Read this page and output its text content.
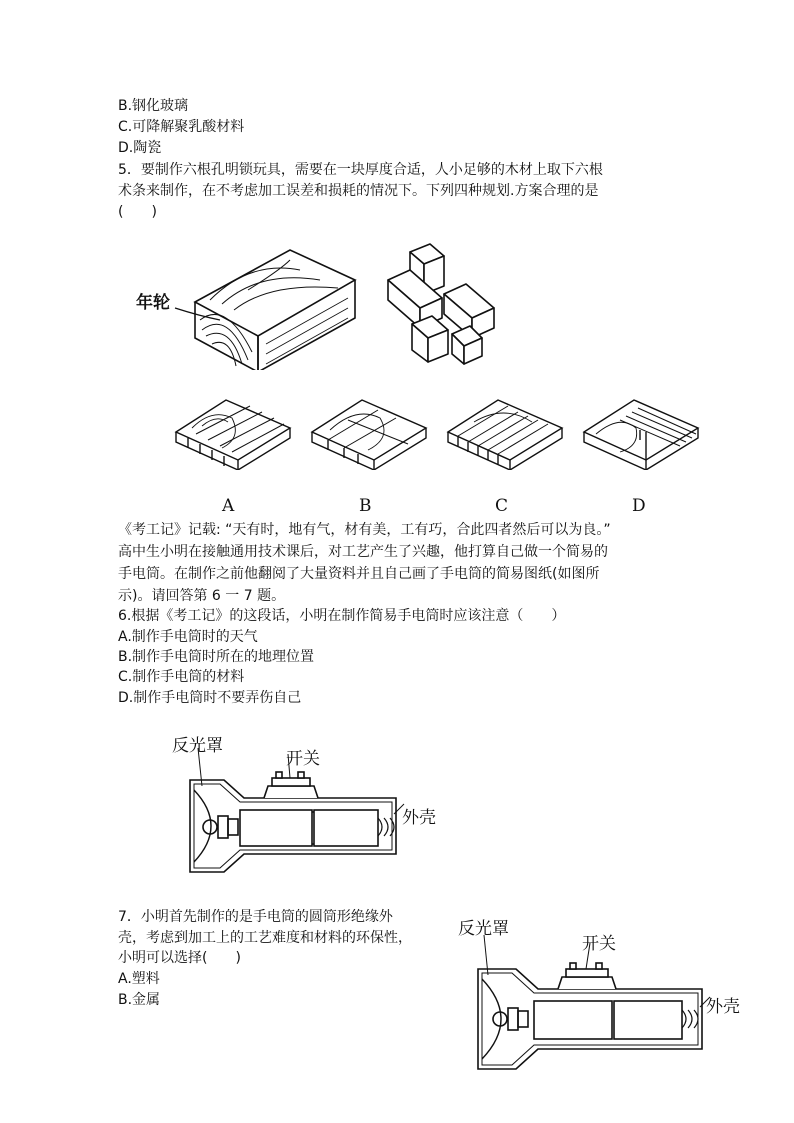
B.钢化玻璃

C.可降解聚乳酸材料

D.陶瓷

5．要制作六根孔明锁玩具，需要在一块厚度合适，人小足够的木材上取下六根

术条来制作，在不考虑加工误差和损耗的情况下。下列四种规划.方案合理的是

(　　)

年轮
A	B	C	D

《考工记》记载: “天有时，地有气，材有美，工有巧，合此四者然后可以为良。”

高中生小明在接触通用技术课后，对工艺产生了兴趣，他打算自己做一个简易的

手电筒。在制作之前他翻阅了大量资料并且自己画了手电筒的简易图纸(如图所

示)。请回答第 6 一 7 题。

6.根据《考工记》的这段话，小明在制作简易手电筒时应该注意（　　）

A.制作手电筒时的天气

B.制作手电筒时所在的地理位置

C.制作手电筒的材料

D.制作手电筒时不要弄伤自己

反光罩
开关
外壳

7．小明首先制作的是手电筒的圆筒形绝缘外

壳，考虑到加工上的工艺难度和材料的环保性，

小明可以选择(　　)

A.塑料

B.金属

反光罩
开关
外壳
